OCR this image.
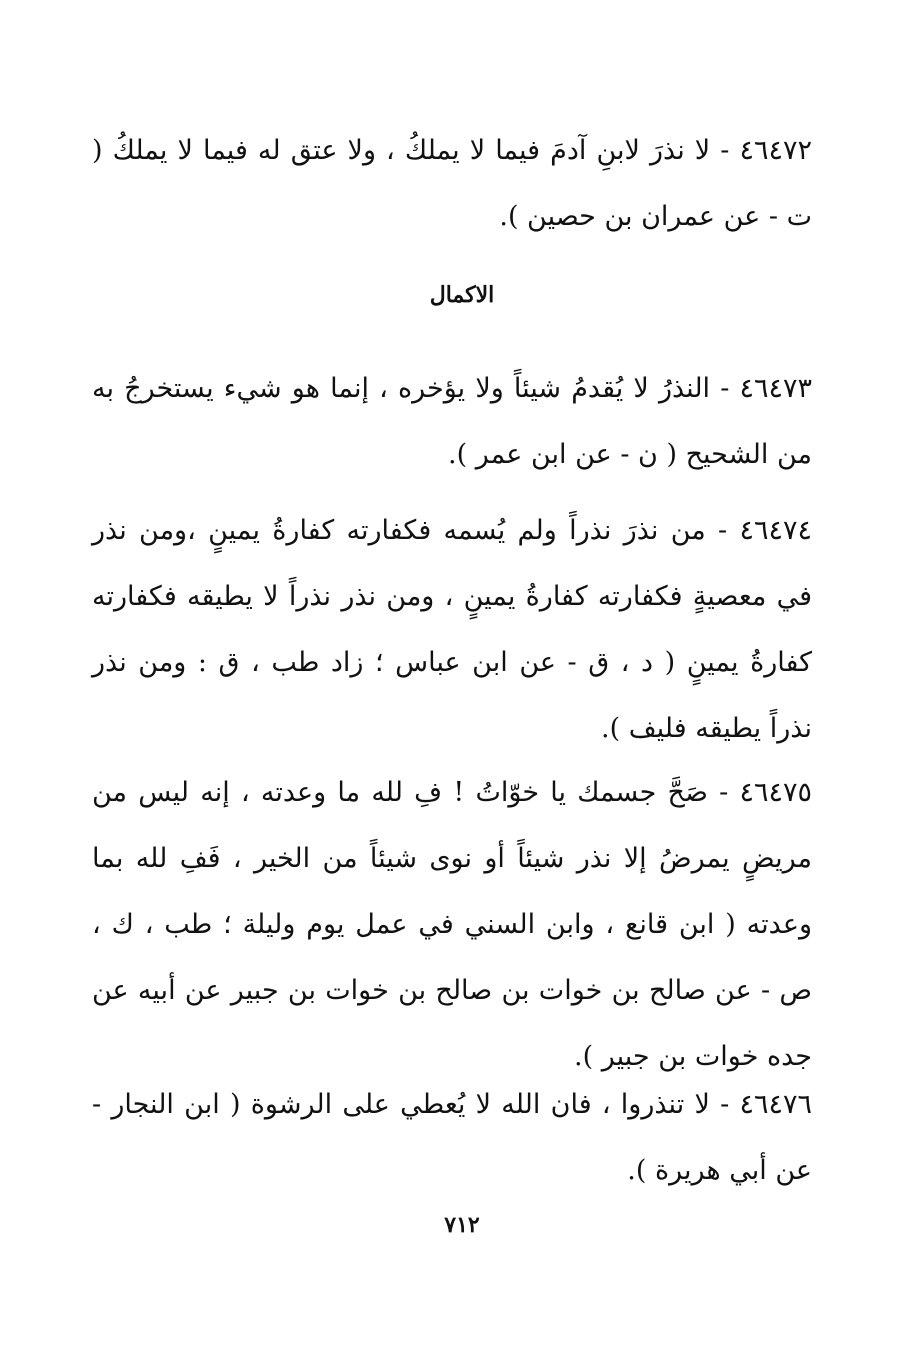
٤٦٤٧٢ - لا نذرَ لابنِ آدمَ فيما لا يملكُ ، ولا عتق له فيما لا يملكُ ( ت - عن عمران بن حصين ).
الاكمال
٤٦٤٧٣ - النذرُ لا يُقدمُ شيئاً ولا يؤخره ، إنما هو شيء يستخرجُ به من الشحيح ( ن - عن ابن عمر ).
٤٦٤٧٤ - من نذرَ نذراً ولم يُسمه فكفارته كفارةُ يمينٍ ،ومن نذر في معصيةٍ فكفارته كفارةُ يمينٍ ، ومن نذر نذراً لا يطيقه فكفارته كفارةُ يمينٍ ( د ، ق - عن ابن عباس ؛ زاد طب ، ق : ومن نذر نذراً يطيقه فليف ).
٤٦٤٧٥ - صَحَّ جسمك يا خوّاتُ ! فِ لله ما وعدته ، إنه ليس من مريضٍ يمرضُ إلا نذر شيئاً أو نوى شيئاً من الخير ، فَفِ لله بما وعدته ( ابن قانع ، وابن السني في عمل يوم وليلة ؛ طب ، ك ، ص - عن صالح بن خوات بن صالح بن خوات بن جبير عن أبيه عن جده خوات بن جبير ).
٤٦٤٧٦ - لا تنذروا ، فان الله لا يُعطي على الرشوة ( ابن النجار - عن أبي هريرة ).
٧١٢
